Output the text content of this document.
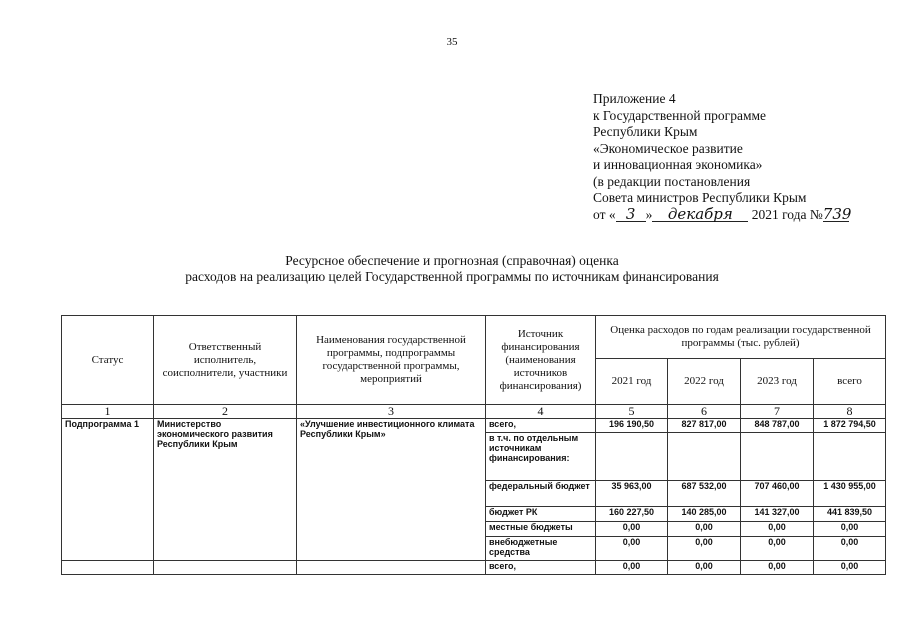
35
Приложение 4
к Государственной программе
Республики Крым
«Экономическое развитие
и инновационная экономика»
(в редакции постановления
Совета министров Республики Крым
от « 3 » декабря 2021 года №739
Ресурсное обеспечение и прогнозная (справочная) оценка
расходов на реализацию целей Государственной программы по источникам финансирования
Статус	Ответственный исполнитель, соисполнители, участники	Наименования государственной программы, подпрограммы государственной программы, мероприятий	Источник финансирования (наименования источников финансирования)	Оценка расходов по годам реализации государственной программы (тыс. рублей)			
				2021 год	2022 год	2023 год	всего
1	2	3	4	5	6	7	8
Подпрограмма 1	Министерство экономического развития Республики Крым	«Улучшение инвестиционного климата Республики Крым»	всего,	196 190,50	827 817,00	848 787,00	1 872 794,50
			в т.ч. по отдельным источникам финансирования:				
			федеральный бюджет	35 963,00	687 532,00	707 460,00	1 430 955,00
			бюджет РК	160 227,50	140 285,00	141 327,00	441 839,50
			местные бюджеты	0,00	0,00	0,00	0,00
			внебюджетные средства	0,00	0,00	0,00	0,00
			всего,	0,00	0,00	0,00	0,00
